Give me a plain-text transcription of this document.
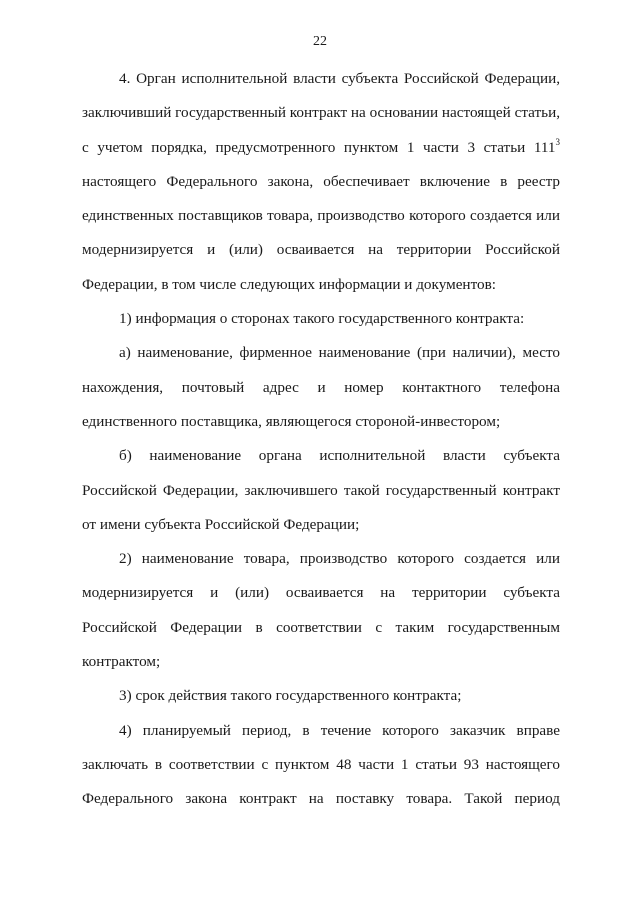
22

4. Орган исполнительной власти субъекта Российской Федерации, заключивший государственный контракт на основании настоящей статьи, с учетом порядка, предусмотренного пунктом 1 части 3 статьи $111^3$ настоящего Федерального закона, обеспечивает включение в реестр единственных поставщиков товара, производство которого создается или модернизируется и (или) осваивается на территории Российской Федерации, в том числе следующих информации и документов:

1) информация о сторонах такого государственного контракта:

а) наименование, фирменное наименование (при наличии), место нахождения, почтовый адрес и номер контактного телефона единственного поставщика, являющегося стороной-инвестором;

б) наименование органа исполнительной власти субъекта Российской Федерации, заключившего такой государственный контракт от имени субъекта Российской Федерации;

2) наименование товара, производство которого создается или модернизируется и (или) осваивается на территории субъекта Российской Федерации в соответствии с таким государственным контрактом;

3) срок действия такого государственного контракта;

4) планируемый период, в течение которого заказчик вправе заключать в соответствии с пунктом 48 части 1 статьи 93 настоящего Федерального закона контракт на поставку товара. Такой период
